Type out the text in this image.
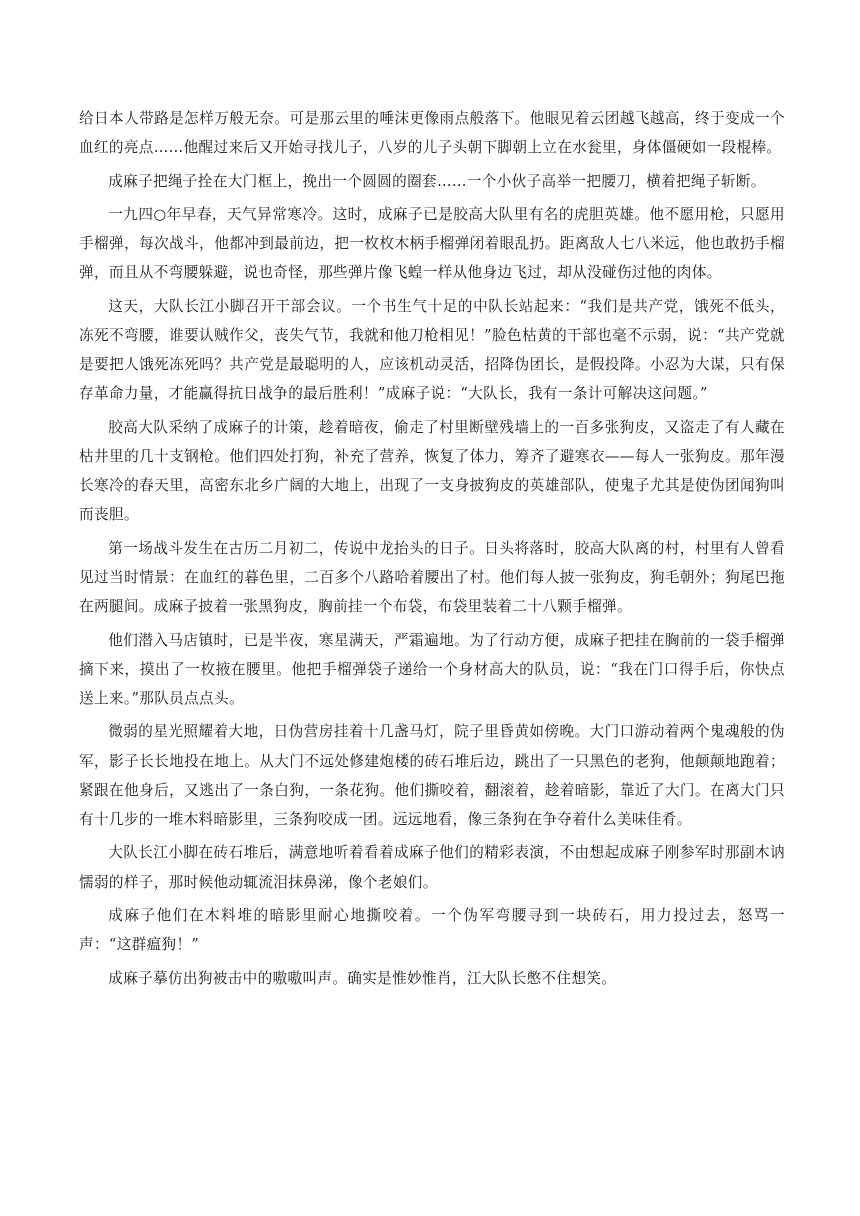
给日本人带路是怎样万般无奈。可是那云里的唾沫更像雨点般落下。他眼见着云团越飞越高，终于变成一个血红的亮点……他醒过来后又开始寻找儿子，八岁的儿子头朝下脚朝上立在水瓮里，身体僵硬如一段棍棒。

成麻子把绳子拴在大门框上，挽出一个圆圆的圈套……一个小伙子高举一把腰刀，横着把绳子斩断。

一九四○年早春，天气异常寒冷。这时，成麻子已是胶高大队里有名的虎胆英雄。他不愿用枪，只愿用手榴弹，每次战斗，他都冲到最前边，把一枚枚木柄手榴弹闭着眼乱扔。距离敌人七八米远，他也敢扔手榴弹，而且从不弯腰躲避，说也奇怪，那些弹片像飞蝗一样从他身边飞过，却从没碰伤过他的肉体。

这天，大队长江小脚召开干部会议。一个书生气十足的中队长站起来：“我们是共产党，饿死不低头，冻死不弯腰，谁要认贼作父，丧失气节，我就和他刀枪相见！”脸色枯黄的干部也毫不示弱，说：“共产党就是要把人饿死冻死吗？共产党是最聪明的人，应该机动灵活，招降伪团长，是假投降。小忍为大谋，只有保存革命力量，才能赢得抗日战争的最后胜利！”成麻子说：“大队长，我有一条计可解决这问题。”

胶高大队采纳了成麻子的计策，趁着暗夜，偷走了村里断壁残墙上的一百多张狗皮，又盗走了有人藏在枯井里的几十支钢枪。他们四处打狗，补充了营养，恢复了体力，筹齐了避寒衣——每人一张狗皮。那年漫长寒冷的春天里，高密东北乡广阔的大地上，出现了一支身披狗皮的英雄部队，使鬼子尤其是使伪团闻狗叫而丧胆。

第一场战斗发生在古历二月初二，传说中龙抬头的日子。日头将落时，胶高大队离的村，村里有人曾看见过当时情景：在血红的暮色里，二百多个八路哈着腰出了村。他们每人披一张狗皮，狗毛朝外；狗尾巴拖在两腿间。成麻子披着一张黑狗皮，胸前挂一个布袋，布袋里装着二十八颗手榴弹。

他们潜入马店镇时，已是半夜，寒星满天，严霜遍地。为了行动方便，成麻子把挂在胸前的一袋手榴弹摘下来，摸出了一枚掖在腰里。他把手榴弹袋子递给一个身材高大的队员，说：“我在门口得手后，你快点送上来。”那队员点点头。

微弱的星光照耀着大地，日伪营房挂着十几盏马灯，院子里昏黄如傍晚。大门口游动着两个鬼魂般的伪军，影子长长地投在地上。从大门不远处修建炮楼的砖石堆后边，跳出了一只黑色的老狗，他颠颠地跑着；紧跟在他身后，又逃出了一条白狗，一条花狗。他们撕咬着，翻滚着，趁着暗影，靠近了大门。在离大门只有十几步的一堆木料暗影里，三条狗咬成一团。远远地看，像三条狗在争夺着什么美味佳肴。

大队长江小脚在砖石堆后，满意地听着看着成麻子他们的精彩表演，不由想起成麻子刚参军时那副木讷懦弱的样子，那时候他动辄流泪抹鼻涕，像个老娘们。

成麻子他们在木料堆的暗影里耐心地撕咬着。一个伪军弯腰寻到一块砖石，用力投过去，怒骂一声：“这群瘟狗！”

成麻子摹仿出狗被击中的嗷嗷叫声。确实是惟妙惟肖，江大队长憋不住想笑。
